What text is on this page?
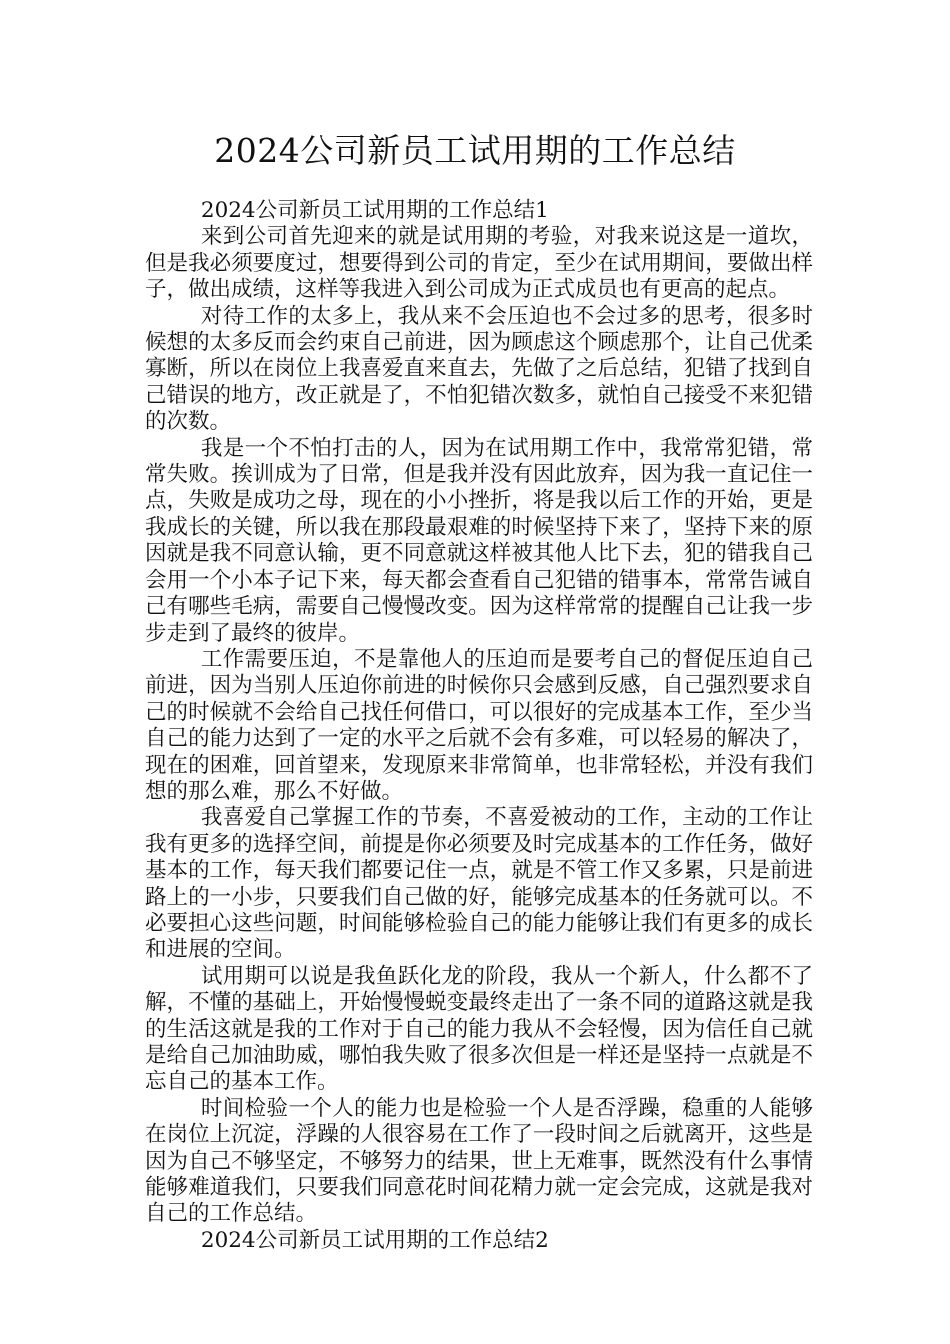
2024公司新员工试用期的工作总结

2024公司新员工试用期的工作总结1

来到公司首先迎来的就是试用期的考验，对我来说这是一道坎，但是我必须要度过，想要得到公司的肯定，至少在试用期间，要做出样子，做出成绩，这样等我进入到公司成为正式成员也有更高的起点。

对待工作的太多上，我从来不会压迫也不会过多的思考，很多时候想的太多反而会约束自己前进，因为顾虑这个顾虑那个，让自己优柔寡断，所以在岗位上我喜爱直来直去，先做了之后总结，犯错了找到自己错误的地方，改正就是了，不怕犯错次数多，就怕自己接受不来犯错的次数。

我是一个不怕打击的人，因为在试用期工作中，我常常犯错，常常失败。挨训成为了日常，但是我并没有因此放弃，因为我一直记住一点，失败是成功之母，现在的小小挫折，将是我以后工作的开始，更是我成长的关键，所以我在那段最艰难的时候坚持下来了，坚持下来的原因就是我不同意认输，更不同意就这样被其他人比下去，犯的错我自己会用一个小本子记下来，每天都会查看自己犯错的错事本，常常告诫自己有哪些毛病，需要自己慢慢改变。因为这样常常的提醒自己让我一步步走到了最终的彼岸。

工作需要压迫，不是靠他人的压迫而是要考自己的督促压迫自己前进，因为当别人压迫你前进的时候你只会感到反感，自己强烈要求自己的时候就不会给自己找任何借口，可以很好的完成基本工作，至少当自己的能力达到了一定的水平之后就不会有多难，可以轻易的解决了，现在的困难，回首望来，发现原来非常简单，也非常轻松，并没有我们想的那么难，那么不好做。

我喜爱自己掌握工作的节奏，不喜爱被动的工作，主动的工作让我有更多的选择空间，前提是你必须要及时完成基本的工作任务，做好基本的工作，每天我们都要记住一点，就是不管工作又多累，只是前进路上的一小步，只要我们自己做的好，能够完成基本的任务就可以。不必要担心这些问题，时间能够检验自己的能力能够让我们有更多的成长和进展的空间。

试用期可以说是我鱼跃化龙的阶段，我从一个新人，什么都不了解，不懂的基础上，开始慢慢蜕变最终走出了一条不同的道路这就是我的生活这就是我的工作对于自己的能力我从不会轻慢，因为信任自己就是给自己加油助威，哪怕我失败了很多次但是一样还是坚持一点就是不忘自己的基本工作。

时间检验一个人的能力也是检验一个人是否浮躁，稳重的人能够在岗位上沉淀，浮躁的人很容易在工作了一段时间之后就离开，这些是因为自己不够坚定，不够努力的结果，世上无难事，既然没有什么事情能够难道我们，只要我们同意花时间花精力就一定会完成，这就是我对自己的工作总结。

2024公司新员工试用期的工作总结2
